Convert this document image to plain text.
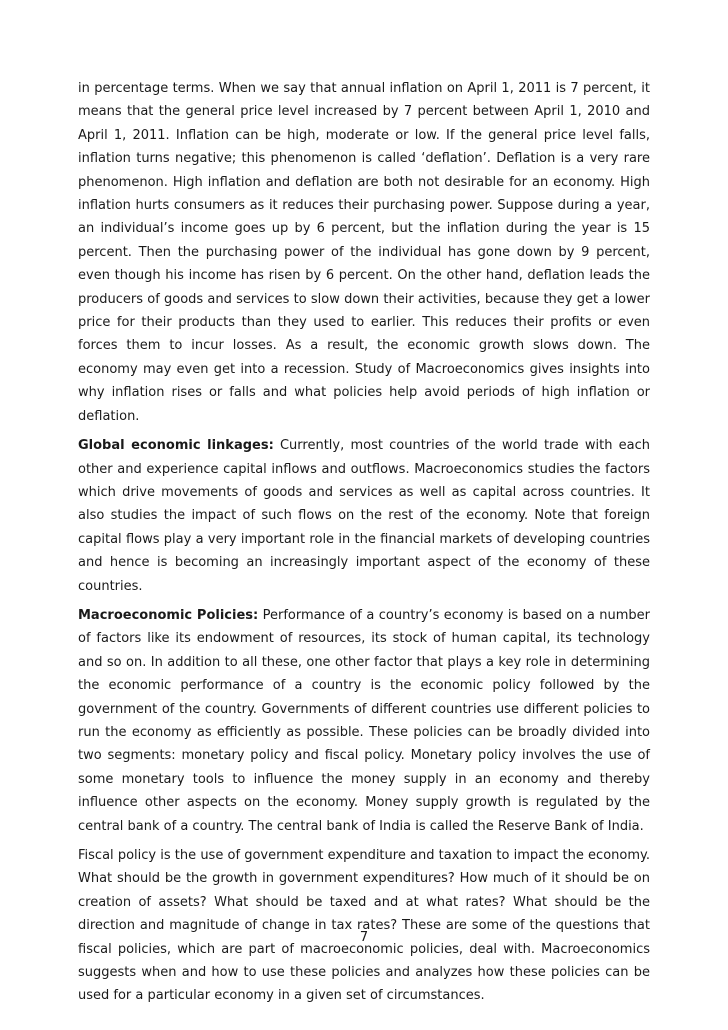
in percentage terms. When we say that annual inflation on April 1, 2011 is 7 percent, it means that the general price level increased by 7 percent between April 1, 2010 and April 1, 2011. Inflation can be high, moderate or low. If the general price level falls, inflation turns negative; this phenomenon is called ‘deflation’. Deflation is a very rare phenomenon. High inflation and deflation are both not desirable for an economy. High inflation hurts consumers as it reduces their purchasing power. Suppose during a year, an individual’s income goes up by 6 percent, but the inflation during the year is 15 percent. Then the purchasing power of the individual has gone down by 9 percent, even though his income has risen by 6 percent. On the other hand, deflation leads the producers of goods and services to slow down their activities, because they get a lower price for their products than they used to earlier. This reduces their profits or even forces them to incur losses. As a result, the economic growth slows down. The economy may even get into a recession. Study of Macroeconomics gives insights into why inflation rises or falls and what policies help avoid periods of high inflation or deflation.

Global economic linkages: Currently, most countries of the world trade with each other and experience capital inflows and outflows. Macroeconomics studies the factors which drive movements of goods and services as well as capital across countries. It also studies the impact of such flows on the rest of the economy. Note that foreign capital flows play a very important role in the financial markets of developing countries and hence is becoming an increasingly important aspect of the economy of these countries.

Macroeconomic Policies: Performance of a country’s economy is based on a number of factors like its endowment of resources, its stock of human capital, its technology and so on. In addition to all these, one other factor that plays a key role in determining the economic performance of a country is the economic policy followed by the government of the country. Governments of different countries use different policies to run the economy as efficiently as possible. These policies can be broadly divided into two segments: monetary policy and fiscal policy. Monetary policy involves the use of some monetary tools to influence the money supply in an economy and thereby influence other aspects on the economy. Money supply growth is regulated by the central bank of a country. The central bank of India is called the Reserve Bank of India.

Fiscal policy is the use of government expenditure and taxation to impact the economy. What should be the growth in government expenditures? How much of it should be on creation of assets? What should be taxed and at what rates? What should be the direction and magnitude of change in tax rates? These are some of the questions that fiscal policies, which are part of macroeconomic policies, deal with. Macroeconomics suggests when and how to use these policies and analyzes how these policies can be used for a particular economy in a given set of circumstances.

7
